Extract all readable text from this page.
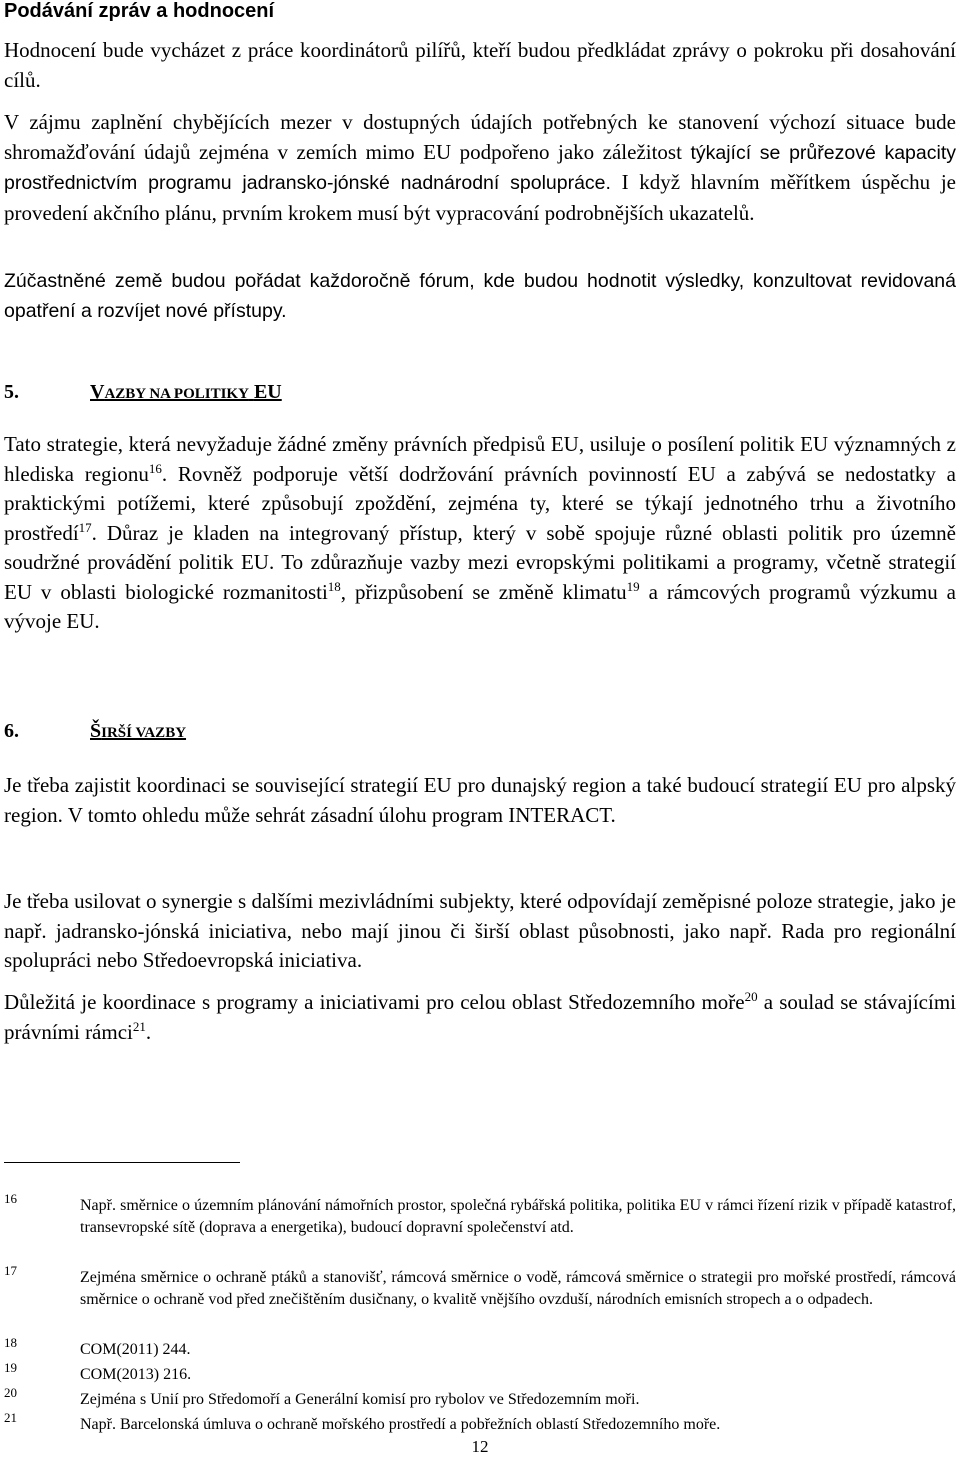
Podávání zpráv a hodnocení

Hodnocení bude vycházet z práce koordinátorů pilířů, kteří budou předkládat zprávy o pokroku při dosahování cílů.

V zájmu zaplnění chybějících mezer v dostupných údajích potřebných ke stanovení výchozí situace bude shromažďování údajů zejména v zemích mimo EU podpořeno jako záležitost týkající se průřezové kapacity prostřednictvím programu jadransko-jónské nadnárodní spolupráce. I když hlavním měřítkem úspěchu je provedení akčního plánu, prvním krokem musí být vypracování podrobnějších ukazatelů.

Zúčastněné země budou pořádat každoročně fórum, kde budou hodnotit výsledky, konzultovat revidovaná opatření a rozvíjet nové přístupy.

5.	VAZBY NA POLITIKY EU

Tato strategie, která nevyžaduje žádné změny právních předpisů EU, usiluje o posílení politik EU významných z hlediska regionu$^{16}$. Rovněž podporuje větší dodržování právních povinností EU a zabývá se nedostatky a praktickými potížemi, které způsobují zpoždění, zejména ty, které se týkají jednotného trhu a životního prostředí$^{17}$. Důraz je kladen na integrovaný přístup, který v sobě spojuje různé oblasti politik pro územně soudržné provádění politik EU. To zdůrazňuje vazby mezi evropskými politikami a programy, včetně strategií EU v oblasti biologické rozmanitosti$^{18}$, přizpůsobení se změně klimatu$^{19}$ a rámcových programů výzkumu a vývoje EU.

6.	ŠIRŠÍ VAZBY

Je třeba zajistit koordinaci se související strategií EU pro dunajský region a také budoucí strategií EU pro alpský region. V tomto ohledu může sehrát zásadní úlohu program INTERACT.

Je třeba usilovat o synergie s dalšími mezivládními subjekty, které odpovídají zeměpisné poloze strategie, jako je např. jadransko-jónská iniciativa, nebo mají jinou či širší oblast působnosti, jako např. Rada pro regionální spolupráci nebo Středoevropská iniciativa.

Důležitá je koordinace s programy a iniciativami pro celou oblast Středozemního moře$^{20}$ a soulad se stávajícími právními rámci$^{21}$.

16	Např. směrnice o územním plánování námořních prostor, společná rybářská politika, politika EU v rámci řízení rizik v případě katastrof, transevropské sítě (doprava a energetika), budoucí dopravní společenství atd.
17	Zejména směrnice o ochraně ptáků a stanovišť, rámcová směrnice o vodě, rámcová směrnice o strategii pro mořské prostředí, rámcová směrnice o ochraně vod před znečištěním dusičnany, o kvalitě vnějšího ovzduší, národních emisních stropech a o odpadech.
18	COM(2011) 244.
19	COM(2013) 216.
20	Zejména s Unií pro Středomoří a Generální komisí pro rybolov ve Středozemním moři.
21	Např. Barcelonská úmluva o ochraně mořského prostředí a pobřežních oblastí Středozemního moře.
12
